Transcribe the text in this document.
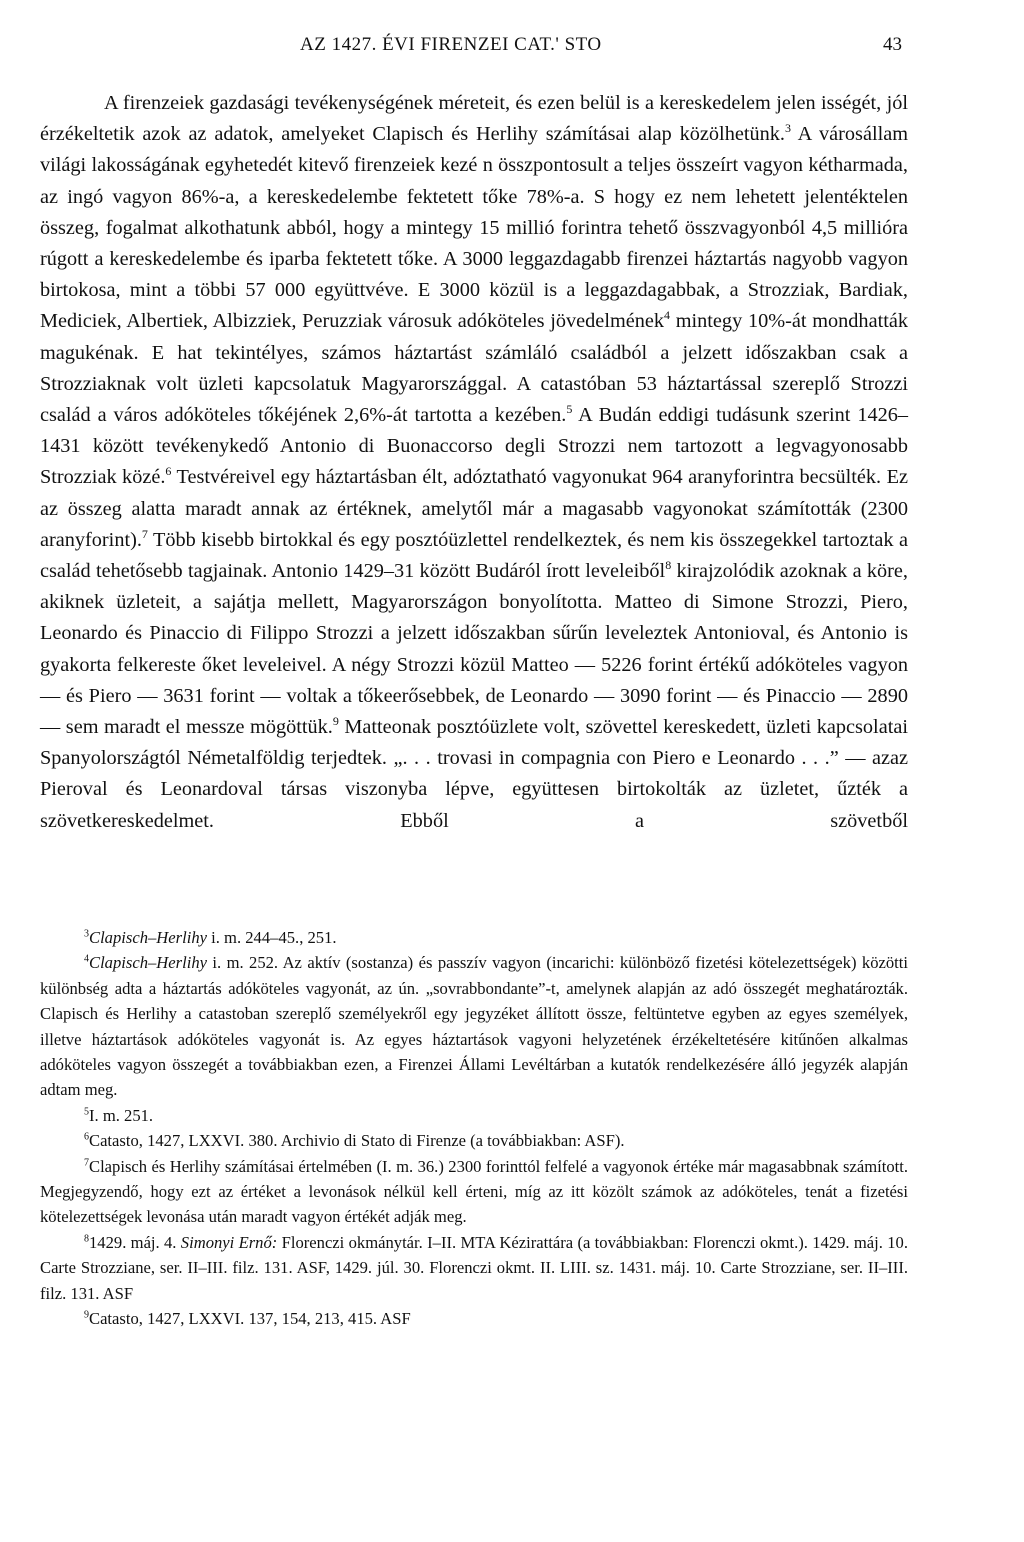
AZ 1427. ÉVI FIRENZEI CAT.' STO	43

A firenzeiek gazdasági tevékenységének méreteit, és ezen belül is a kereskedelem jelen isségét, jól érzékeltetik azok az adatok, amelyeket Clapisch és Herlihy számításai alap közölhetünk.$^3$ A városállam világi lakosságának egyhetedét kitevő firenzeiek kezé n összpontosult a teljes összeírt vagyon kétharmada, az ingó vagyon 86%-a, a kereskedelembe fektetett tőke 78%-a. S hogy ez nem lehetett jelentéktelen összeg, fogalmat alkothatunk abból, hogy a mintegy 15 millió forintra tehető összvagyonból 4,5 millióra rúgott a kereskedelembe és iparba fektetett tőke. A 3000 leggazdagabb firenzei háztartás nagyobb vagyon birtokosa, mint a többi 57 000 együttvéve. E 3000 közül is a leggazdagabbak, a Strozziak, Bardiak, Mediciek, Albertiek, Albizziek, Peruzziak városuk adóköteles jövedelmének$^4$ mintegy 10%-át mondhatták magukénak. E hat tekintélyes, számos háztartást számláló családból a jelzett időszakban csak a Strozziaknak volt üzleti kapcsolatuk Magyarországgal. A catastóban 53 háztartással szereplő Strozzi család a város adóköteles tőkéjének 2,6%-át tartotta a kezében.$^5$ A Budán eddigi tudásunk szerint 1426–1431 között tevékenykedő Antonio di Buonaccorso degli Strozzi nem tartozott a legvagyonosabb Strozziak közé.$^6$ Testvéreivel egy háztartásban élt, adóztatható vagyonukat 964 aranyforintra becsülték. Ez az összeg alatta maradt annak az értéknek, amelytől már a magasabb vagyonokat számították (2300 aranyforint).$^7$ Több kisebb birtokkal és egy posztóüzlettel rendelkeztek, és nem kis összegekkel tartoztak a család tehetősebb tagjainak. Antonio 1429–31 között Budáról írott leveleiből$^8$ kirajzolódik azoknak a köre, akiknek üzleteit, a sajátja mellett, Magyarországon bonyolította. Matteo di Simone Strozzi, Piero, Leonardo és Pinaccio di Filippo Strozzi a jelzett időszakban sűrűn leveleztek Antonioval, és Antonio is gyakorta felkereste őket leveleivel. A négy Strozzi közül Matteo — 5226 forint értékű adóköteles vagyon — és Piero — 3631 forint — voltak a tőkeerősebbek, de Leonardo — 3090 forint — és Pinaccio — 2890 — sem maradt el messze mögöttük.$^9$ Matteonak posztóüzlete volt, szövettel kereskedett, üzleti kapcsolatai Spanyolországtól Németalföldig terjedtek. „. . . trovasi in compagnia con Piero e Leonardo . . .” — azaz Pieroval és Leonardoval társas viszonyba lépve, együttesen birtokolták az üzletet, űzték a szövetkereskedelmet. Ebből a szövetből

$^3$Clapisch–Herlihy i. m. 244–45., 251.

$^4$Clapisch–Herlihy i. m. 252. Az aktív (sostanza) és passzív vagyon (incarichi: különböző fizetési kötelezettségek) közötti különbség adta a háztartás adóköteles vagyonát, az ún. „sovrabbondante”-t, amelynek alapján az adó összegét meghatározták. Clapisch és Herlihy a catastoban szereplő személyekről egy jegyzéket állított össze, feltüntetve egyben az egyes személyek, illetve háztartások adóköteles vagyonát is. Az egyes háztartások vagyoni helyzetének érzékeltetésére kitűnően alkalmas adóköteles vagyon összegét a továbbiakban ezen, a Firenzei Állami Levéltárban a kutatók rendelkezésére álló jegyzék alapján adtam meg.

$^5$I. m. 251.

$^6$Catasto, 1427, LXXVI. 380. Archivio di Stato di Firenze (a továbbiakban: ASF).

$^7$Clapisch és Herlihy számításai értelmében (I. m. 36.) 2300 forinttól felfelé a vagyonok értéke már magasabbnak számított. Megjegyzendő, hogy ezt az értéket a levonások nélkül kell érteni, míg az itt közölt számok az adóköteles, tenát a fizetési kötelezettségek levonása után maradt vagyon értékét adják meg.

$^8$1429. máj. 4. Simonyi Ernő: Florenczi okmánytár. I–II. MTA Kézirattára (a továbbiakban: Florenczi okmt.). 1429. máj. 10. Carte Strozziane, ser. II–III. filz. 131. ASF, 1429. júl. 30. Florenczi okmt. II. LIII. sz. 1431. máj. 10. Carte Strozziane, ser. II–III. filz. 131. ASF

$^9$Catasto, 1427, LXXVI. 137, 154, 213, 415. ASF
